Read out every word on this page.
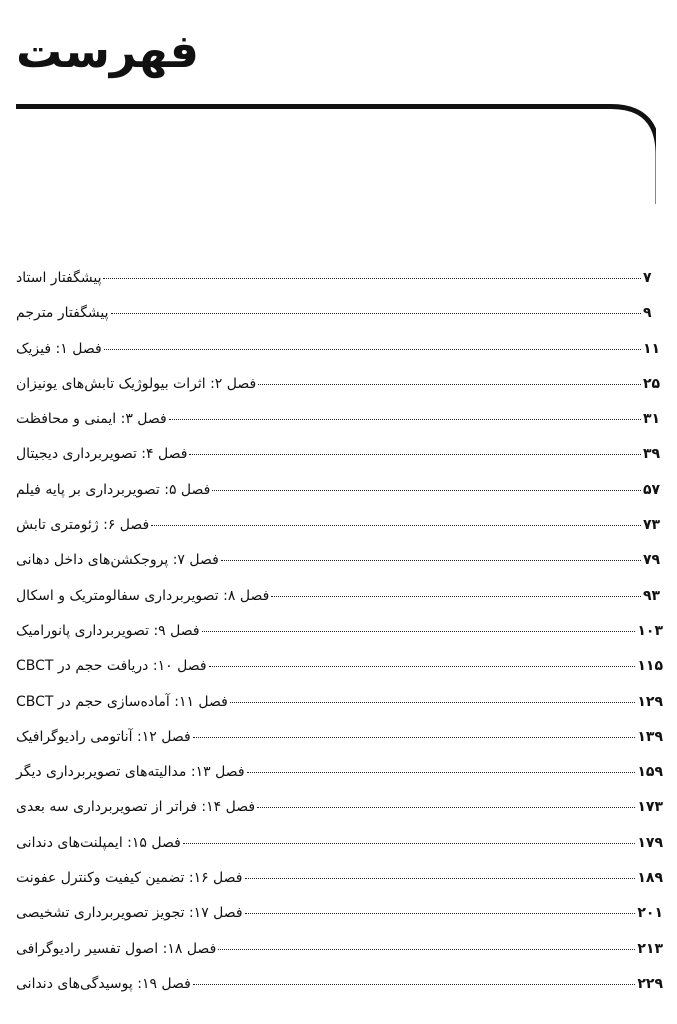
فهرست
پیشگفتار استاد	۷
پیشگفتار مترجم	۹
فصل ۱: فیزیک	۱۱
فصل ۲: اثرات بیولوژیک تابش‌های یونیزان	۲۵
فصل ۳: ایمنی و محافظت	۳۱
فصل ۴: تصویربرداری دیجیتال	۳۹
فصل ۵: تصویربرداری بر پایه فیلم	۵۷
فصل ۶: ژئومتری تابش	۷۳
فصل ۷: پروجکشن‌های داخل دهانی	۷۹
فصل ۸: تصویربرداری سفالومتریک و اسکال	۹۳
فصل ۹: تصویربرداری پانورامیک	۱۰۳
فصل ۱۰: دریافت حجم در CBCT	۱۱۵
فصل ۱۱: آماده‌سازی حجم در CBCT	۱۲۹
فصل ۱۲: آناتومی رادیوگرافیک	۱۳۹
فصل ۱۳: مدالیته‌های تصویربرداری دیگر	۱۵۹
فصل ۱۴: فراتر از تصویربرداری سه بعدی	۱۷۳
فصل ۱۵: ایمپلنت‌های دندانی	۱۷۹
فصل ۱۶: تضمین کیفیت وکنترل عفونت	۱۸۹
فصل ۱۷: تجویز تصویربرداری تشخیصی	۲۰۱
فصل ۱۸: اصول تفسیر رادیوگرافی	۲۱۳
فصل ۱۹: پوسیدگی‌های دندانی	۲۲۹
